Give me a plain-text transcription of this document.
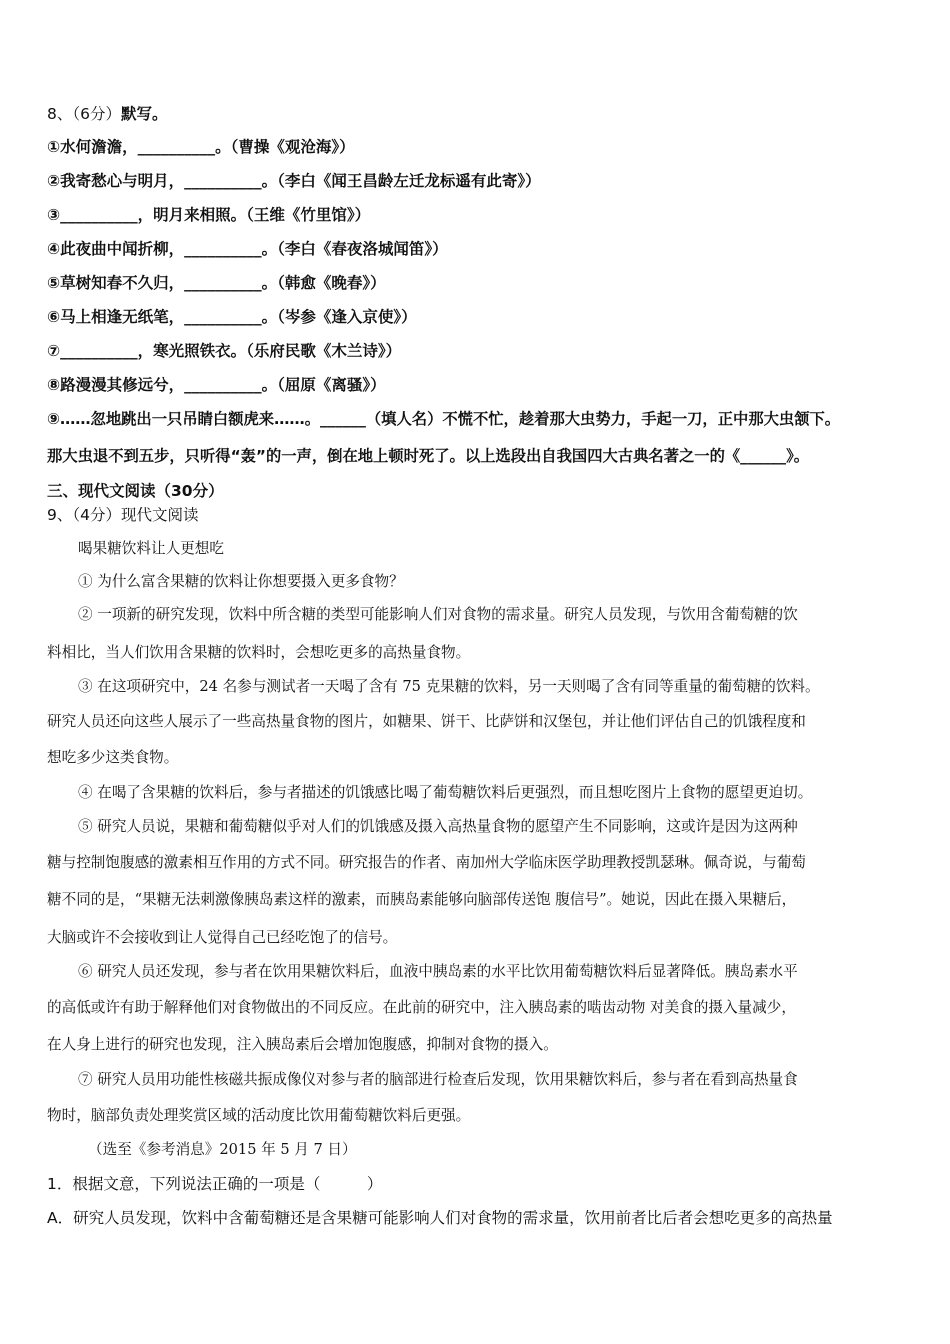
8、（6分）默写。
①水何澹澹，__________。（曹操《观沧海》）
②我寄愁心与明月，__________。（李白《闻王昌龄左迁龙标遥有此寄》）
③__________，明月来相照。（王维《竹里馆》）
④此夜曲中闻折柳，__________。（李白《春夜洛城闻笛》）
⑤草树知春不久归，__________。（韩愈《晚春》）
⑥马上相逢无纸笔，__________。（岑参《逢入京使》）
⑦__________，寒光照铁衣。（乐府民歌《木兰诗》）
⑧路漫漫其修远兮，__________。（屈原《离骚》）
⑨……忽地跳出一只吊睛白额虎来……。______（填人名）不慌不忙，趁着那大虫势力，手起一刀，正中那大虫颔下。
那大虫退不到五步，只听得“轰”的一声，倒在地上顿时死了。以上选段出自我国四大古典名著之一的《______》。
三、现代文阅读（30分）
9、（4分）现代文阅读
喝果糖饮料让人更想吃
① 为什么富含果糖的饮料让你想要摄入更多食物？
② 一项新的研究发现，饮料中所含糖的类型可能影响人们对食物的需求量。研究人员发现，与饮用含葡萄糖的饮
料相比，当人们饮用含果糖的饮料时，会想吃更多的高热量食物。
③ 在这项研究中，24 名参与测试者一天喝了含有 75 克果糖的饮料，另一天则喝了含有同等重量的葡萄糖的饮料。
研究人员还向这些人展示了一些高热量食物的图片，如糖果、饼干、比萨饼和汉堡包，并让他们评估自己的饥饿程度和
想吃多少这类食物。
④ 在喝了含果糖的饮料后，参与者描述的饥饿感比喝了葡萄糖饮料后更强烈，而且想吃图片上食物的愿望更迫切。
⑤ 研究人员说，果糖和葡萄糖似乎对人们的饥饿感及摄入高热量食物的愿望产生不同影响，这或许是因为这两种
糖与控制饱腹感的激素相互作用的方式不同。研究报告的作者、南加州大学临床医学助理教授凯瑟琳。佩奇说，与葡萄
糖不同的是，“果糖无法刺激像胰岛素这样的激素，而胰岛素能够向脑部传送饱 腹信号”。她说，因此在摄入果糖后，
大脑或许不会接收到让人觉得自己已经吃饱了的信号。
⑥ 研究人员还发现，参与者在饮用果糖饮料后，血液中胰岛素的水平比饮用葡萄糖饮料后显著降低。胰岛素水平
的高低或许有助于解释他们对食物做出的不同反应。在此前的研究中，注入胰岛素的啮齿动物 对美食的摄入量减少，
在人身上进行的研究也发现，注入胰岛素后会增加饱腹感，抑制对食物的摄入。
⑦ 研究人员用功能性核磁共振成像仪对参与者的脑部进行检查后发现，饮用果糖饮料后，参与者在看到高热量食
物时，脑部负责处理奖赏区域的活动度比饮用葡萄糖饮料后更强。
（选至《参考消息》2015 年 5 月 7 日）
1．根据文意，下列说法正确的一项是（　　　）
A．研究人员发现，饮料中含葡萄糖还是含果糖可能影响人们对食物的需求量，饮用前者比后者会想吃更多的高热量
